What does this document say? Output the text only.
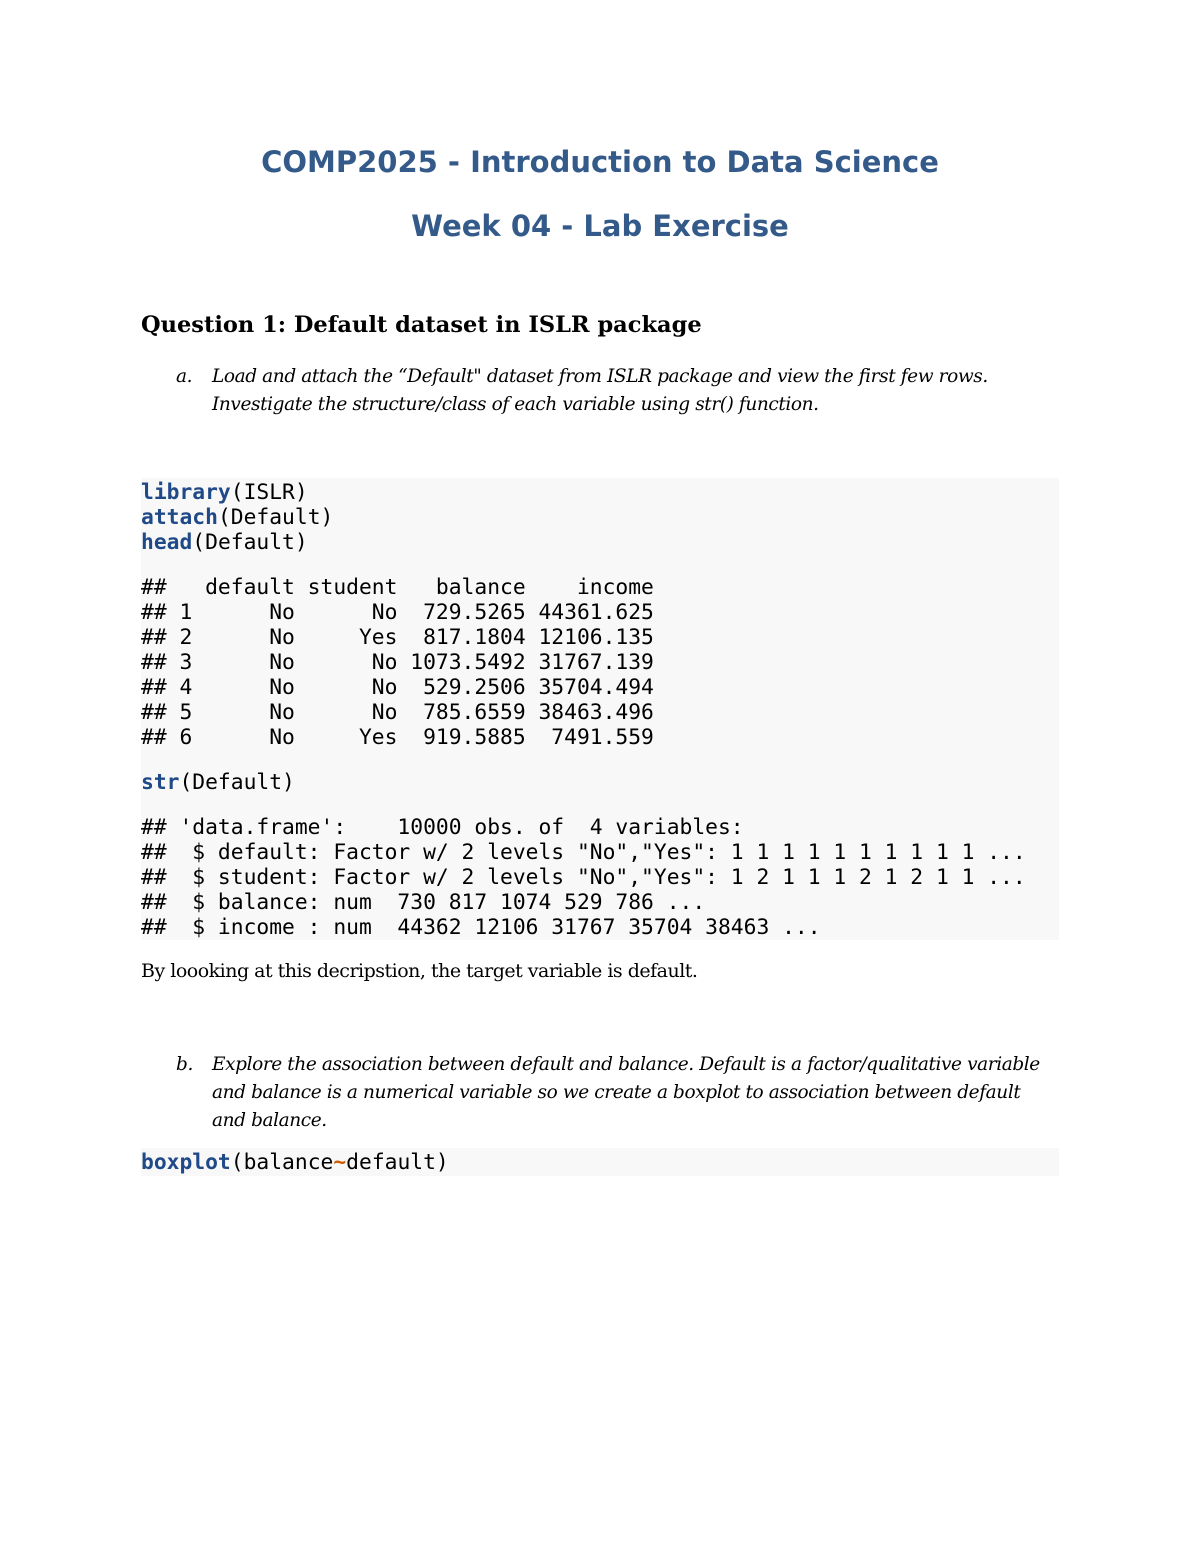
COMP2025 - Introduction to Data Science
Week 04 - Lab Exercise
Question 1: Default dataset in ISLR package
a. Load and attach the “Default" dataset from ISLR package and view the first few rows. Investigate the structure/class of each variable using str() function.
library(ISLR)
attach(Default)
head(Default)
##   default student   balance    income
## 1      No      No  729.5265 44361.625
## 2      No     Yes  817.1804 12106.135
## 3      No      No 1073.5492 31767.139
## 4      No      No  529.2506 35704.494
## 5      No      No  785.6559 38463.496
## 6      No     Yes  919.5885  7491.559
str(Default)
## 'data.frame':    10000 obs. of  4 variables:
##  $ default: Factor w/ 2 levels "No","Yes": 1 1 1 1 1 1 1 1 1 1 ...
##  $ student: Factor w/ 2 levels "No","Yes": 1 2 1 1 1 2 1 2 1 1 ...
##  $ balance: num  730 817 1074 529 786 ...
##  $ income : num  44362 12106 31767 35704 38463 ...

By loooking at this decripstion, the target variable is default.

b. Explore the association between default and balance. Default is a factor/qualitative variable and balance is a numerical variable so we create a boxplot to association between default and balance.
boxplot(balance~default)
